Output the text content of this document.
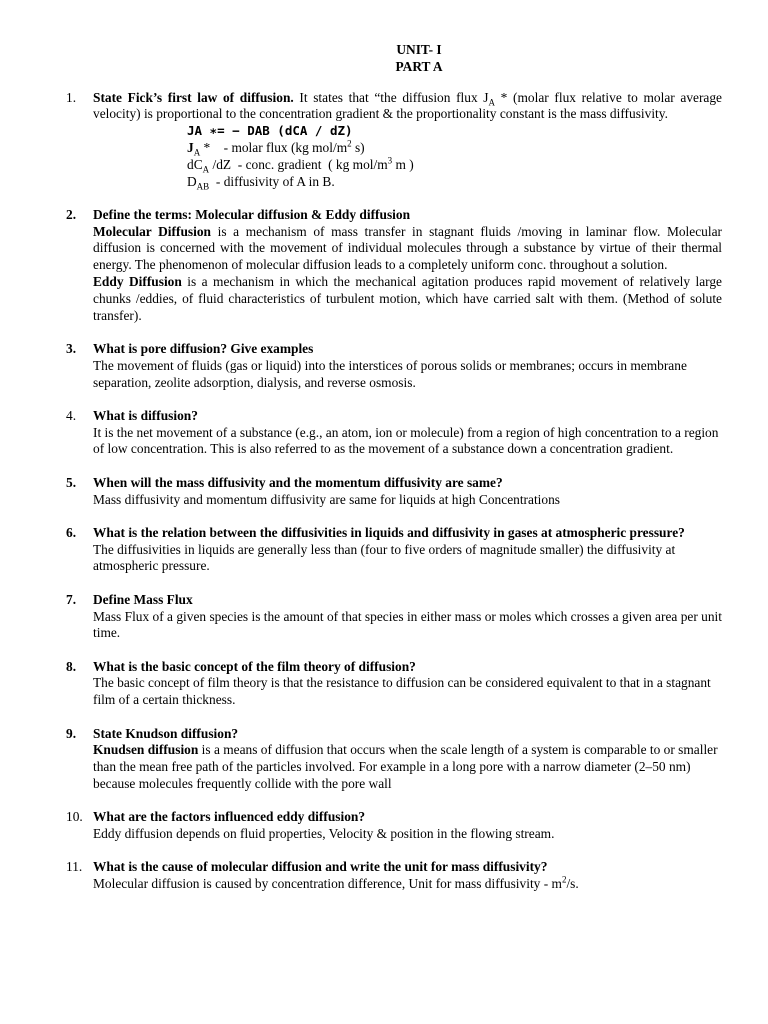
UNIT- I
PART A
1. State Fick’s first law of diffusion. It states that “the diffusion flux $J_A$ * (molar flux relative to molar average velocity) is proportional to the concentration gradient & the proportionality constant is the mass diffusivity.
JA ∗= − DAB (dCA / dZ)
$J_A$ *    - molar flux (kg mol/$m^2$ s)
$dC_A$ /dZ  - conc. gradient  ( kg mol/$m^3$ m )
$D_{AB}$  - diffusivity of A in B.
2. Define the terms: Molecular diffusion & Eddy diffusion
Molecular Diffusion is a mechanism of mass transfer in stagnant fluids /moving in laminar flow. Molecular diffusion is concerned with the movement of individual molecules through a substance by virtue of their thermal energy. The phenomenon of molecular diffusion leads to a completely uniform conc. throughout a solution.
Eddy Diffusion is a mechanism in which the mechanical agitation produces rapid movement of relatively large chunks /eddies, of fluid characteristics of turbulent motion, which have carried salt with them. (Method of solute transfer).
3. What is pore diffusion? Give examples
The movement of fluids (gas or liquid) into the interstices of porous solids or membranes; occurs in membrane separation, zeolite adsorption, dialysis, and reverse osmosis.
4. What is diffusion?
It is the net movement of a substance (e.g., an atom, ion or molecule) from a region of high concentration to a region of low concentration. This is also referred to as the movement of a substance down a concentration gradient.
5. When will the mass diffusivity and the momentum diffusivity are same?
Mass diffusivity and momentum diffusivity are same for liquids at high Concentrations
6. What is the relation between the diffusivities in liquids and diffusivity in gases at atmospheric pressure?
The diffusivities in liquids are generally less than (four to five orders of magnitude smaller) the diffusivity at atmospheric pressure.
7. Define Mass Flux
Mass Flux of a given species is the amount of that species in either mass or moles which crosses a given area per unit time.
8. What is the basic concept of the film theory of diffusion?
The basic concept of film theory is that the resistance to diffusion can be considered equivalent to that in a stagnant film of a certain thickness.
9. State Knudson diffusion?
Knudsen diffusion is a means of diffusion that occurs when the scale length of a system is comparable to or smaller than the mean free path of the particles involved. For example in a long pore with a narrow diameter (2–50 nm) because molecules frequently collide with the pore wall
10. What are the factors influenced eddy diffusion?
Eddy diffusion depends on fluid properties, Velocity & position in the flowing stream.
11. What is the cause of molecular diffusion and write the unit for mass diffusivity?
Molecular diffusion is caused by concentration difference, Unit for mass diffusivity - $m^2/s$.
